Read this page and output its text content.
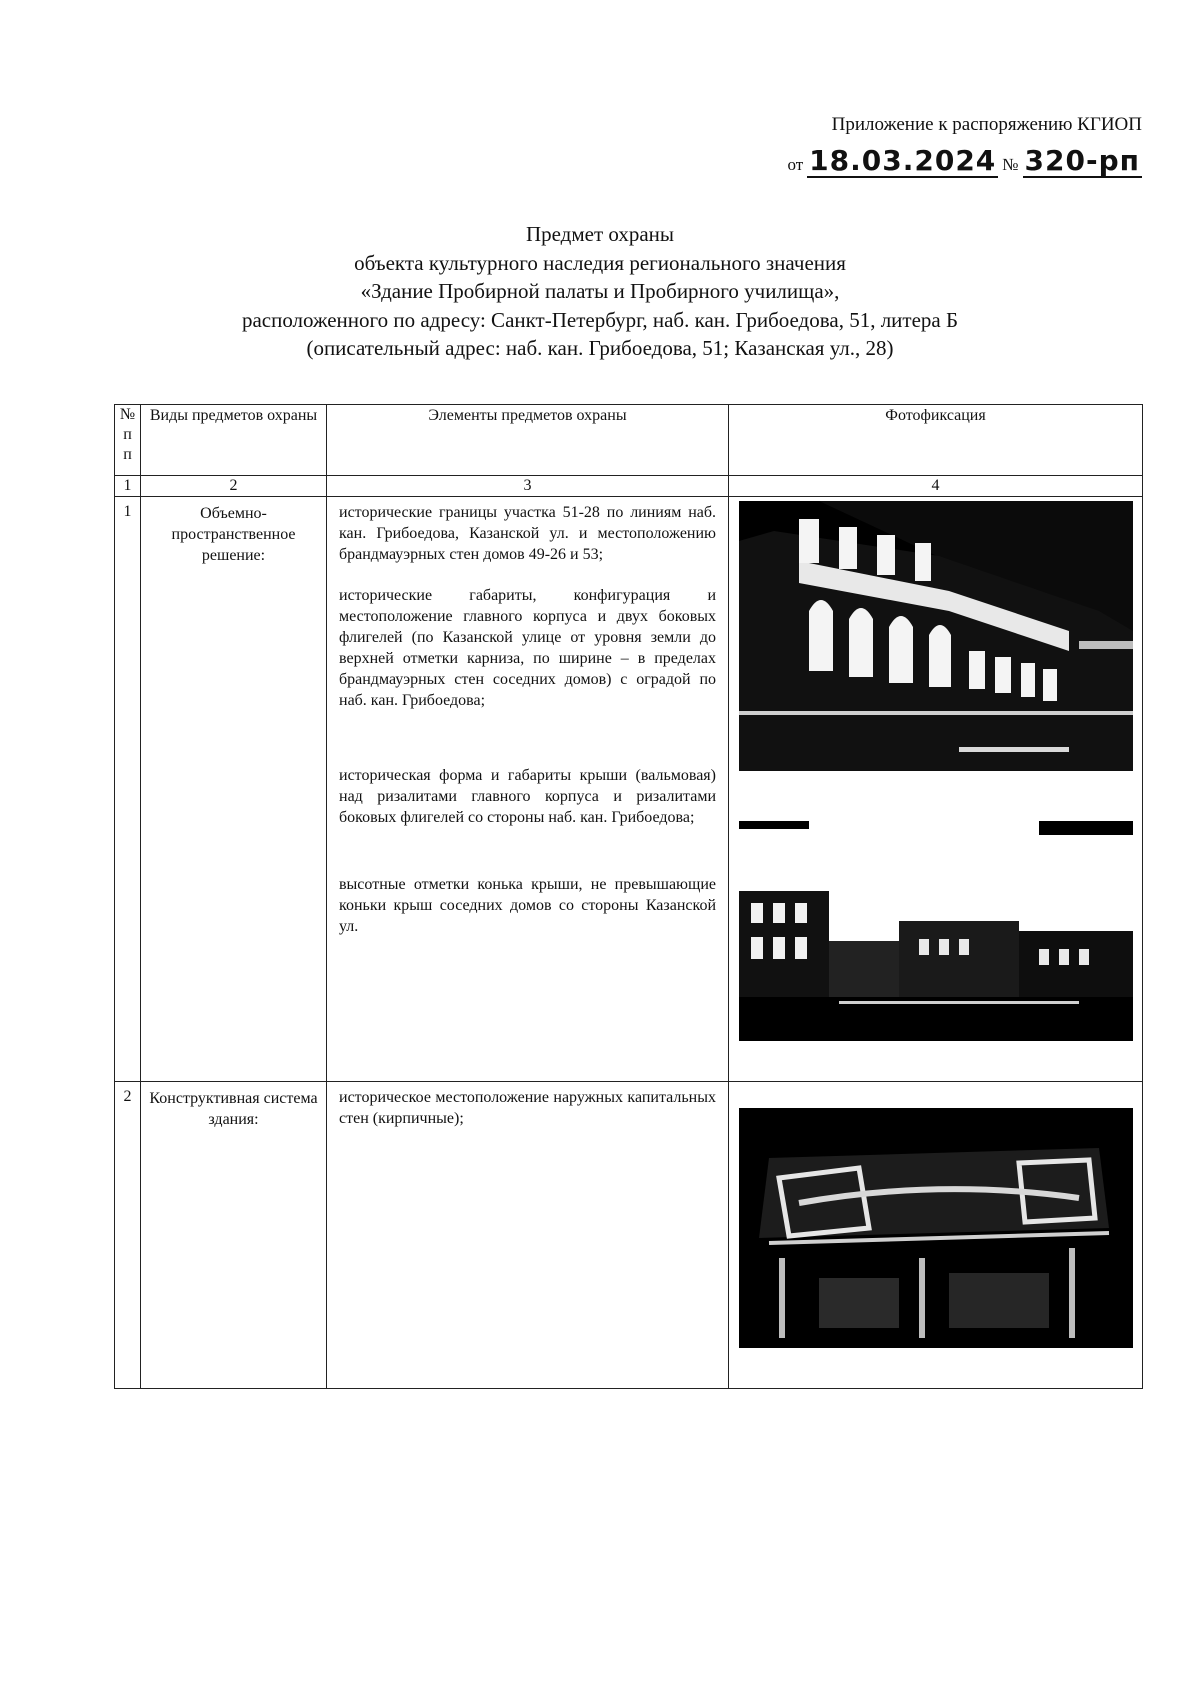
Приложение к распоряжению КГИОП
от 18.03.2024 № 320-рп
Предмет охраны
объекта культурного наследия регионального значения
«Здание Пробирной палаты и Пробирного училища»,
расположенного по адресу: Санкт-Петербург, наб. кан. Грибоедова, 51, литера Б
(описательный адрес: наб. кан. Грибоедова, 51; Казанская ул., 28)
№
п
п	Виды предметов охраны	Элементы предметов охраны	Фотофиксация
1	2	3	4
1	Объемно-пространственное решение:	исторические границы участка 51-28 по линиям наб. кан. Грибоедова, Казанской ул. и местоположению брандмауэрных стен домов 49-26 и 53;

исторические габариты, конфигурация и местоположение главного корпуса и двух боковых флигелей (по Казанской улице от уровня земли до верхней отметки карниза, по ширине – в пределах брандмауэрных стен соседних домов) с оградой по наб. кан. Грибоедова;

историческая форма и габариты крыши (вальмовая) над ризалитами главного корпуса и ризалитами боковых флигелей со стороны наб. кан. Грибоедова;

высотные отметки конька крыши, не превышающие коньки крыш соседних домов со стороны Казанской ул.

2	Конструктивная система здания:	историческое местоположение наружных капитальных стен (кирпичные);
